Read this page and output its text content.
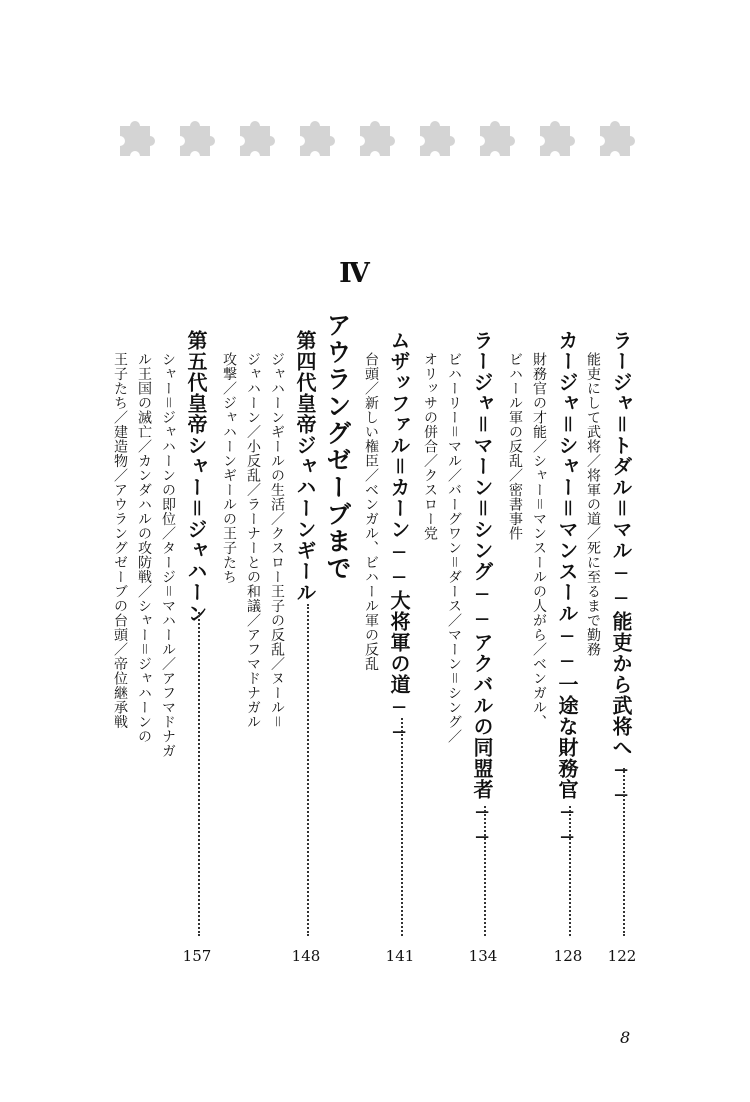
Ⅳ
ラージャ＝トダル＝マル──能吏から武将へ──
能吏にして武将／将軍の道／死に至るまで勤務
122
カージャ＝シャー＝マンスール──一途な財務官──
財務官の才能／シャー＝マンスールの人がら／ベンガル、
ビハール軍の反乱／密書事件
128
ラージャ＝マーン＝シング──アクバルの同盟者──
ビハーリー＝マル／バーグワン＝ダース／マーン＝シング／
オリッサの併合／クスロー党
134
ムザッファル＝カーン──大将軍の道──
台頭／新しい権臣／ベンガル、ビハール軍の反乱
141
アウラングゼーブまで
第四代皇帝ジャハーンギール
ジャハーンギールの生活／クスロー王子の反乱／ヌール＝
ジャハーン／小反乱／ラーナーとの和議／アフマドナガル
攻撃／ジャハーンギールの王子たち
148
第五代皇帝シャー＝ジャハーン
シャー＝ジャハーンの即位／タージ＝マハール／アフマドナガ
ル王国の滅亡／カンダハルの攻防戦／シャー＝ジャハーンの
王子たち／建造物／アウラングゼーブの台頭／帝位継承戦
157
8
